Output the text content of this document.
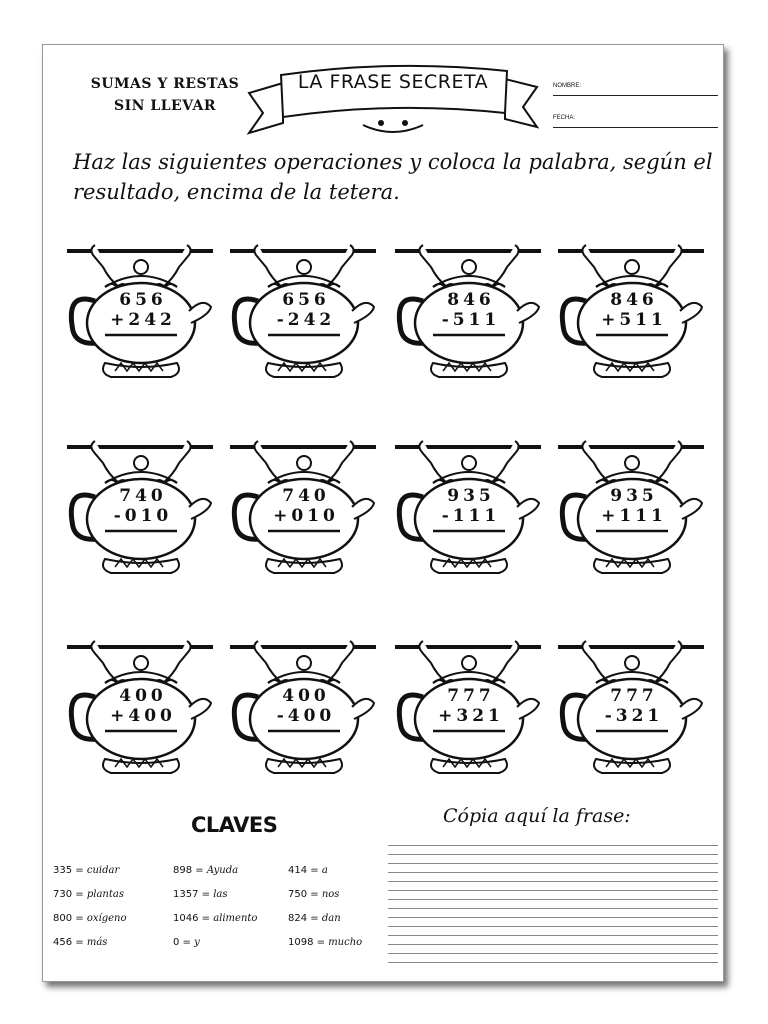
SUMAS Y RESTAS
SIN LLEVAR
LA FRASE SECRETA	NOMBRE:
FECHA:
Haz las siguientes operaciones y coloca la palabra, según el resultado, encima de la tetera.
656
+242
656
-242
846
-511
846
+511
740
-010
740
+010
935
-111
935
+111
400
+400
400
-400
777
+321
777
-321
CLAVES	Cópia aquí la frase:
335 = cuidar	898 = Ayuda	414 = a
730 = plantas	1357 = las	750 = nos
800 = oxígeno	1046 = alimento	824 = dan
456 = más	0 = y	1098 = mucho
